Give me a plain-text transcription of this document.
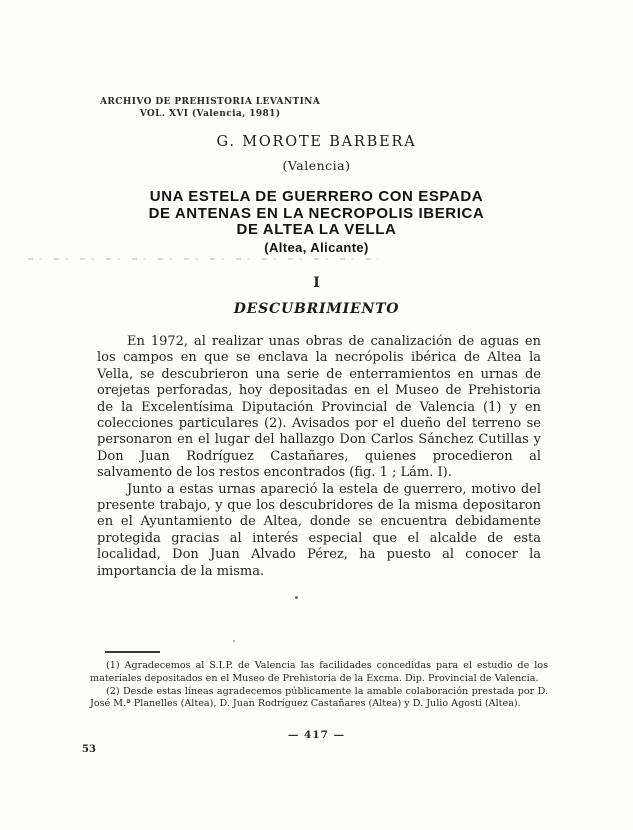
ARCHIVO DE PREHISTORIA LEVANTINA
VOL. XVI (Valencia, 1981)
G. MOROTE BARBERA
(Valencia)
UNA ESTELA DE GUERRERO CON ESPADA
DE ANTENAS EN LA NECROPOLIS IBERICA
DE ALTEA LA VELLA
(Altea, Alicante)
I
DESCUBRIMIENTO

En 1972, al realizar unas obras de canalización de aguas en los campos en que se enclava la necrópolis ibérica de Altea la Vella, se descubrieron una serie de enterramientos en urnas de orejetas perforadas, hoy depositadas en el Museo de Prehistoria de la Excelentísima Diputación Provincial de Valencia (1) y en colecciones particulares (2). Avisados por el dueño del terreno se personaron en el lugar del hallazgo Don Carlos Sánchez Cutillas y Don Juan Rodríguez Castañares, quienes procedieron al salvamento de los restos encontrados (fig. 1 ; Lám. I).

Junto a estas urnas apareció la estela de guerrero, motivo del presente trabajo, y que los descubridores de la misma depositaron en el Ayuntamiento de Altea, donde se encuentra debidamente protegida gracias al interés especial que el alcalde de esta localidad, Don Juan Alvado Pérez, ha puesto al conocer la importancia de la misma.

(1) Agradecemos al S.I.P. de Valencia las facilidades concedidas para el estudio de los materiales depositados en el Museo de Prehistoria de la Excma. Dip. Provincial de Valencia.

(2) Desde estas líneas agradecemos públicamente la amable colaboración prestada por D. José M.ª Planelles (Altea), D. Juan Rodríguez Castañares (Altea) y D. Julio Agosti (Altea).

— 417 —
53
